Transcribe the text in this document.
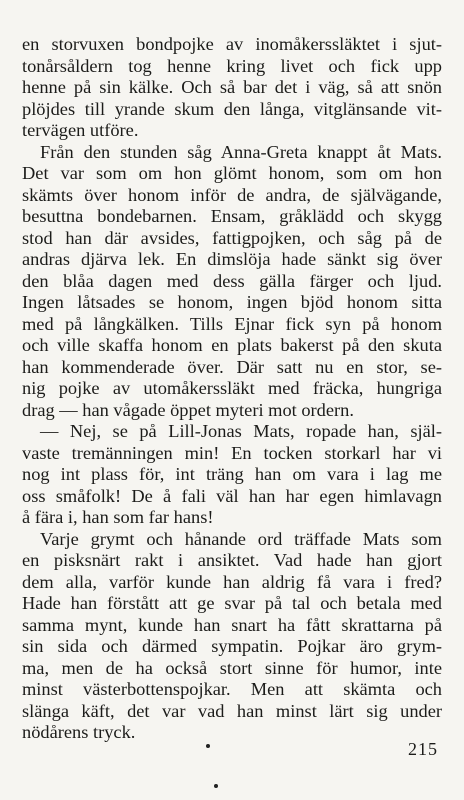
en storvuxen bondpojke av inomåkerssläktet i sjut-
tonårsåldern tog henne kring livet och fick upp
henne på sin kälke. Och så bar det i väg, så att snön
plöjdes till yrande skum den långa, vitglänsande vit-
tervägen utföre.
Från den stunden såg Anna-Greta knappt åt Mats.
Det var som om hon glömt honom, som om hon
skämts över honom inför de andra, de självägande,
besuttna bondebarnen. Ensam, gråklädd och skygg
stod han där avsides, fattigpojken, och såg på de
andras djärva lek. En dimslöja hade sänkt sig över
den blåa dagen med dess gälla färger och ljud.
Ingen låtsades se honom, ingen bjöd honom sitta
med på långkälken. Tills Ejnar fick syn på honom
och ville skaffa honom en plats bakerst på den skuta
han kommenderade över. Där satt nu en stor, se-
nig pojke av utomåkerssläkt med fräcka, hungriga
drag — han vågade öppet myteri mot ordern.
— Nej, se på Lill-Jonas Mats, ropade han, själ-
vaste tremänningen min! En tocken storkarl har vi
nog int plass för, int träng han om vara i lag me
oss småfolk! De å fali väl han har egen himlavagn
å fära i, han som far hans!
Varje grymt och hånande ord träffade Mats som
en pisksnärt rakt i ansiktet. Vad hade han gjort
dem alla, varför kunde han aldrig få vara i fred?
Hade han förstått att ge svar på tal och betala med
samma mynt, kunde han snart ha fått skrattarna på
sin sida och därmed sympatin. Pojkar äro grym-
ma, men de ha också stort sinne för humor, inte
minst västerbottenspojkar. Men att skämta och
slänga käft, det var vad han minst lärt sig under
nödårens tryck.
215
